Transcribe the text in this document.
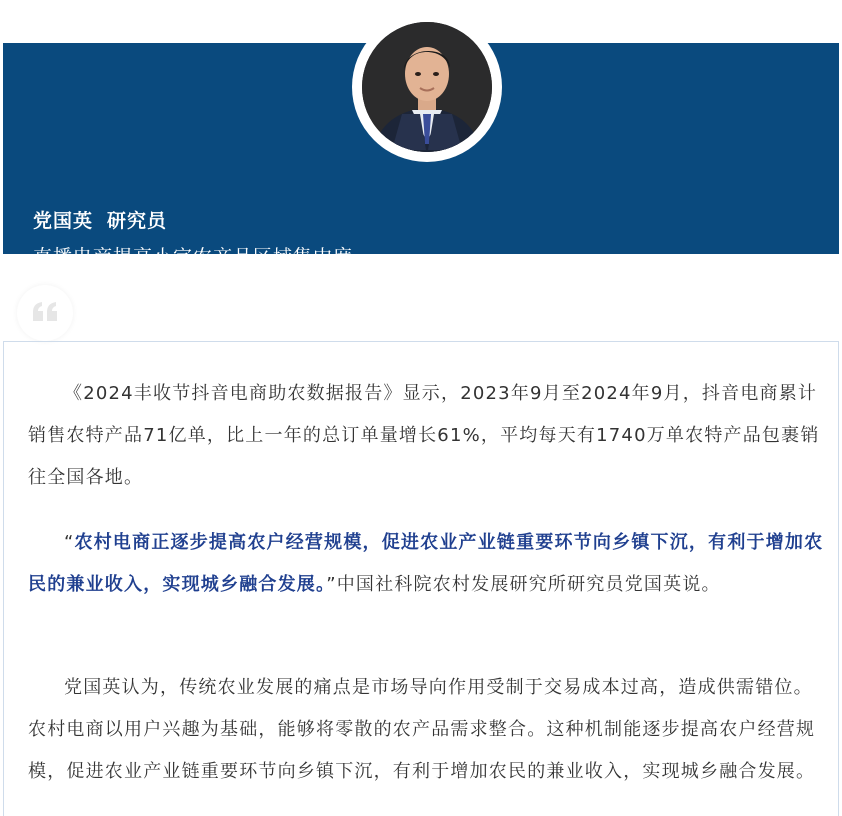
党国英 研究员
直播电商提高小宗农产品区域集中度

《2024丰收节抖音电商助农数据报告》显示，2023年9月至2024年9月，抖音电商累计销售农特产品71亿单，比上一年的总订单量增长61%，平均每天有1740万单农特产品包裹销往全国各地。

“农村电商正逐步提高农户经营规模，促进农业产业链重要环节向乡镇下沉，有利于增加农民的兼业收入，实现城乡融合发展。”中国社科院农村发展研究所研究员党国英说。

党国英认为，传统农业发展的痛点是市场导向作用受制于交易成本过高，造成供需错位。农村电商以用户兴趣为基础，能够将零散的农产品需求整合。这种机制能逐步提高农户经营规模，促进农业产业链重要环节向乡镇下沉，有利于增加农民的兼业收入，实现城乡融合发展。
